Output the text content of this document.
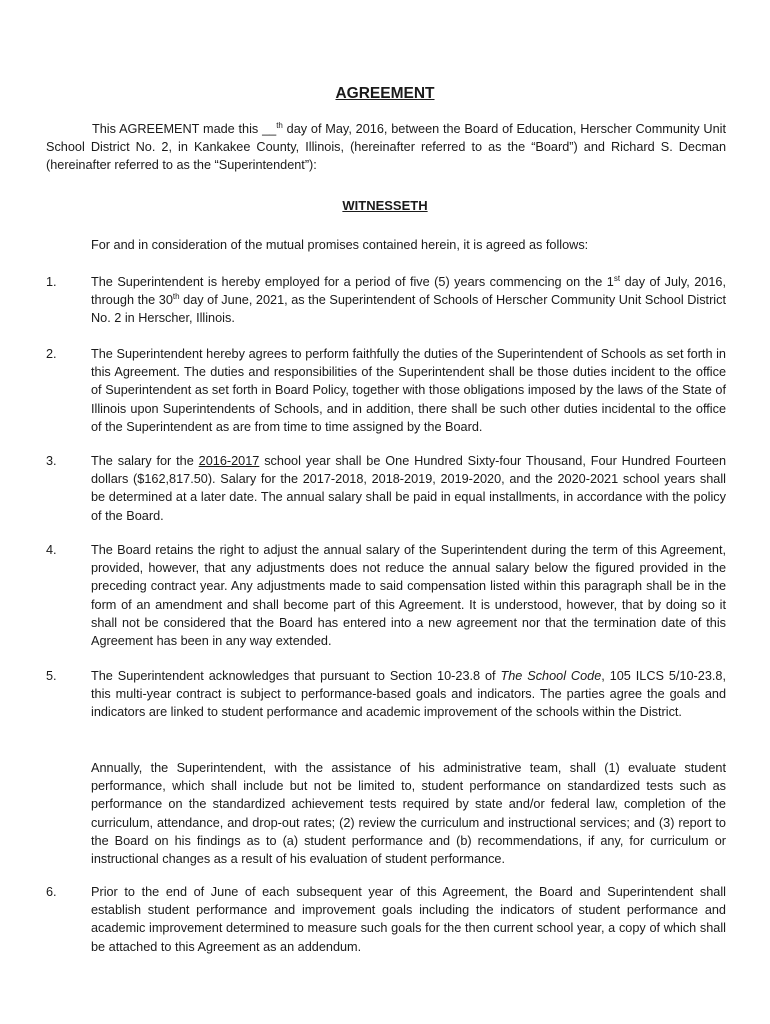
AGREEMENT
This AGREEMENT made this __$^{th}$ day of May, 2016, between the Board of Education, Herscher Community Unit School District No. 2, in Kankakee County, Illinois, (hereinafter referred to as the “Board”) and Richard S. Decman (hereinafter referred to as the “Superintendent”):
WITNESSETH
For and in consideration of the mutual promises contained herein, it is agreed as follows:
1.	The Superintendent is hereby employed for a period of five (5) years commencing on the 1st day of July, 2016, through the 30th day of June, 2021, as the Superintendent of Schools of Herscher Community Unit School District No. 2 in Herscher, Illinois.
2.	The Superintendent hereby agrees to perform faithfully the duties of the Superintendent of Schools as set forth in this Agreement. The duties and responsibilities of the Superintendent shall be those duties incident to the office of Superintendent as set forth in Board Policy, together with those obligations imposed by the laws of the State of Illinois upon Superintendents of Schools, and in addition, there shall be such other duties incidental to the office of the Superintendent as are from time to time assigned by the Board.
3.	The salary for the 2016-2017 school year shall be One Hundred Sixty-four Thousand, Four Hundred Fourteen dollars ($162,817.50). Salary for the 2017-2018, 2018-2019, 2019-2020, and the 2020-2021 school years shall be determined at a later date. The annual salary shall be paid in equal installments, in accordance with the policy of the Board.
4.	The Board retains the right to adjust the annual salary of the Superintendent during the term of this Agreement, provided, however, that any adjustments does not reduce the annual salary below the figured provided in the preceding contract year. Any adjustments made to said compensation listed within this paragraph shall be in the form of an amendment and shall become part of this Agreement. It is understood, however, that by doing so it shall not be considered that the Board has entered into a new agreement nor that the termination date of this Agreement has been in any way extended.
5.	The Superintendent acknowledges that pursuant to Section 10-23.8 of The School Code, 105 ILCS 5/10-23.8, this multi-year contract is subject to performance-based goals and indicators. The parties agree the goals and indicators are linked to student performance and academic improvement of the schools within the District.
Annually, the Superintendent, with the assistance of his administrative team, shall (1) evaluate student performance, which shall include but not be limited to, student performance on standardized tests such as performance on the standardized achievement tests required by state and/or federal law, completion of the curriculum, attendance, and drop-out rates; (2) review the curriculum and instructional services; and (3) report to the Board on his findings as to (a) student performance and (b) recommendations, if any, for curriculum or instructional changes as a result of his evaluation of student performance.
6.	Prior to the end of June of each subsequent year of this Agreement, the Board and Superintendent shall establish student performance and improvement goals including the indicators of student performance and academic improvement determined to measure such goals for the then current school year, a copy of which shall be attached to this Agreement as an addendum.
